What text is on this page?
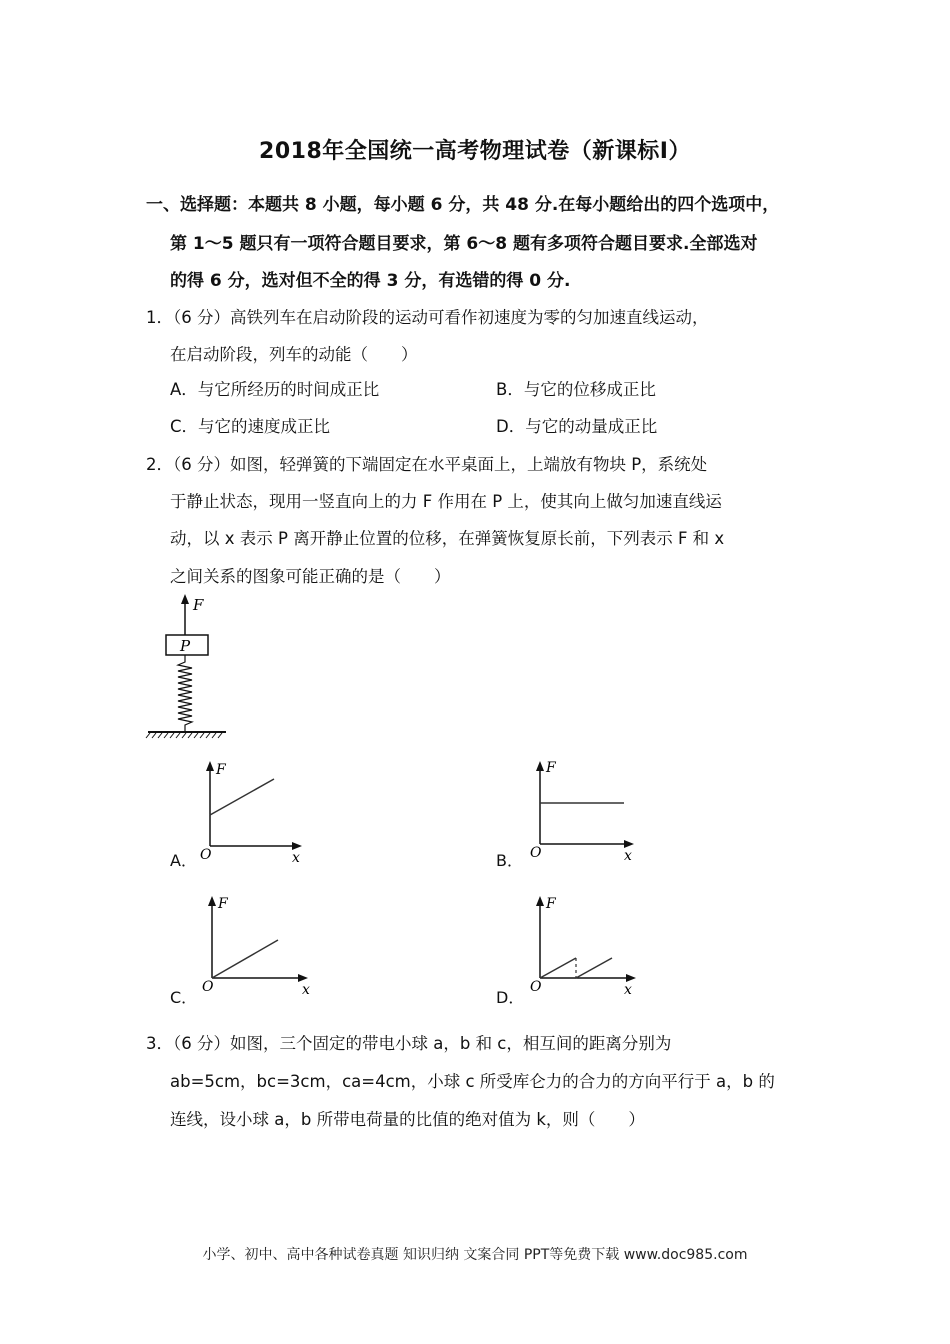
2018年全国统一高考物理试卷（新课标Ⅰ）
一、选择题：本题共 8 小题，每小题 6 分，共 48 分.在每小题给出的四个选项中，
第 1～5 题只有一项符合题目要求，第 6～8 题有多项符合题目要求.全部选对
的得 6 分，选对但不全的得 3 分，有选错的得 0 分.
1．（6 分）高铁列车在启动阶段的运动可看作初速度为零的匀加速直线运动，
在启动阶段，列车的动能（　　）
A．与它所经历的时间成正比	B．与它的位移成正比
C．与它的速度成正比	D．与它的动量成正比
2．（6 分）如图，轻弹簧的下端固定在水平桌面上，上端放有物块 P，系统处
于静止状态，现用一竖直向上的力 F 作用在 P 上，使其向上做匀加速直线运
动，以 x 表示 P 离开静止位置的位移，在弹簧恢复原长前，下列表示 F 和 x
之间关系的图象可能正确的是（　　）
F
P
A．
F
x
O	B．
F
x
O
C．
F
x
O
D．
F
x
O
3．（6 分）如图，三个固定的带电小球 a，b 和 c，相互间的距离分别为
ab=5cm，bc=3cm，ca=4cm，小球 c 所受库仑力的合力的方向平行于 a，b 的
连线，设小球 a，b 所带电荷量的比值的绝对值为 k，则（　　）
小学、初中、高中各种试卷真题 知识归纳 文案合同 PPT等免费下载 www.doc985.com
